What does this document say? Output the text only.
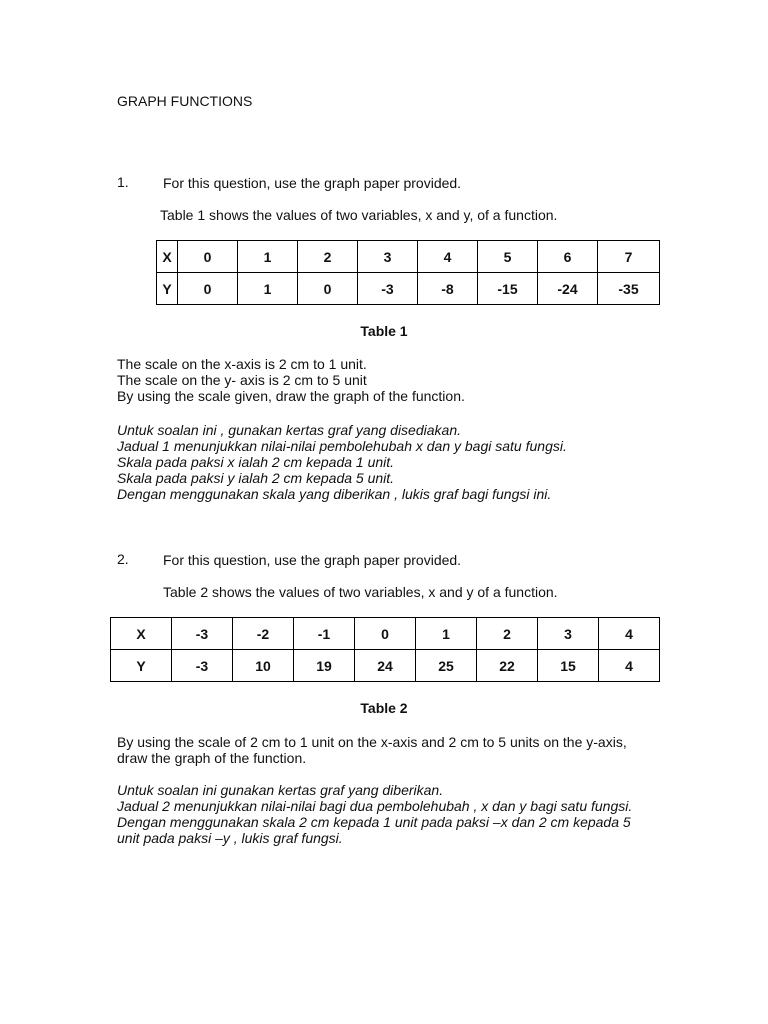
GRAPH FUNCTIONS
1. For this question, use the graph paper provided.
Table 1 shows the values of two variables, x and y, of a function.
X	0	1	2	3	4	5	6	7
Y	0	1	0	-3	-8	-15	-24	-35
Table 1
The scale on the x-axis is 2 cm to 1 unit.
The scale on the y- axis is 2 cm to 5 unit
By using the scale given, draw the graph of the function.
Untuk soalan ini , gunakan kertas graf yang disediakan.
Jadual 1 menunjukkan nilai-nilai pembolehubah x dan y bagi satu fungsi.
Skala pada paksi x ialah 2 cm kepada 1 unit.
Skala pada paksi y ialah 2 cm kepada 5 unit.
Dengan menggunakan skala yang diberikan , lukis graf bagi fungsi ini.
2. For this question, use the graph paper provided.
Table 2 shows the values of two variables, x and y of a function.
X	-3	-2	-1	0	1	2	3	4
Y	-3	10	19	24	25	22	15	4
Table 2
By using the scale of 2 cm to 1 unit on the x-axis and 2 cm to 5 units on the y-axis,
draw the graph of the function.
Untuk soalan ini gunakan kertas graf yang diberikan.
Jadual 2 menunjukkan nilai-nilai bagi dua pembolehubah , x dan y bagi satu fungsi.
Dengan menggunakan skala 2 cm kepada 1 unit pada paksi –x dan 2 cm kepada 5
unit pada paksi –y , lukis graf fungsi.
